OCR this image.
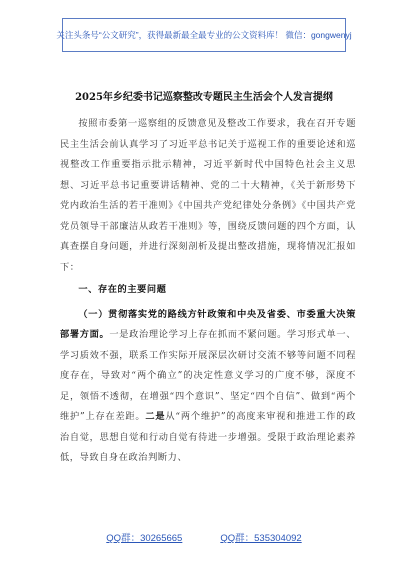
关注头条号“公文研究”，获得最新最全最专业的公文资料库！ 微信：gongwenyj
2025年乡纪委书记巡察整改专题民主生活会个人发言提纲

按照市委第一巡察组的反馈意见及整改工作要求，我在召开专题民主生活会前认真学习了习近平总书记关于巡视工作的重要论述和巡视整改工作重要指示批示精神，习近平新时代中国特色社会主义思想、习近平总书记重要讲话精神、党的二十大精神，《关于新形势下党内政治生活的若干准则》《中国共产党纪律处分条例》《中国共产党党员领导干部廉洁从政若干准则》等，围绕反馈问题的四个方面，认真查摆自身问题，并进行深刻剖析及提出整改措施，现将情况汇报如下：

一、存在的主要问题

（一）贯彻落实党的路线方针政策和中央及省委、市委重大决策部署方面。一是政治理论学习上存在抓而不紧问题。学习形式单一、学习质效不强，联系工作实际开展深层次研讨交流不够等问题不同程度存在，导致对“两个确立”的决定性意义学习的广度不够，深度不足，领悟不透彻，在增强“四个意识”、坚定“四个自信”、做到“两个维护”上存在差距。二是从“两个维护”的高度来审视和推进工作的政治自觉，思想自觉和行动自觉有待进一步增强。受限于政治理论素养低，导致自身在政治判断力、

QQ群：30265665	QQ群：535304092
